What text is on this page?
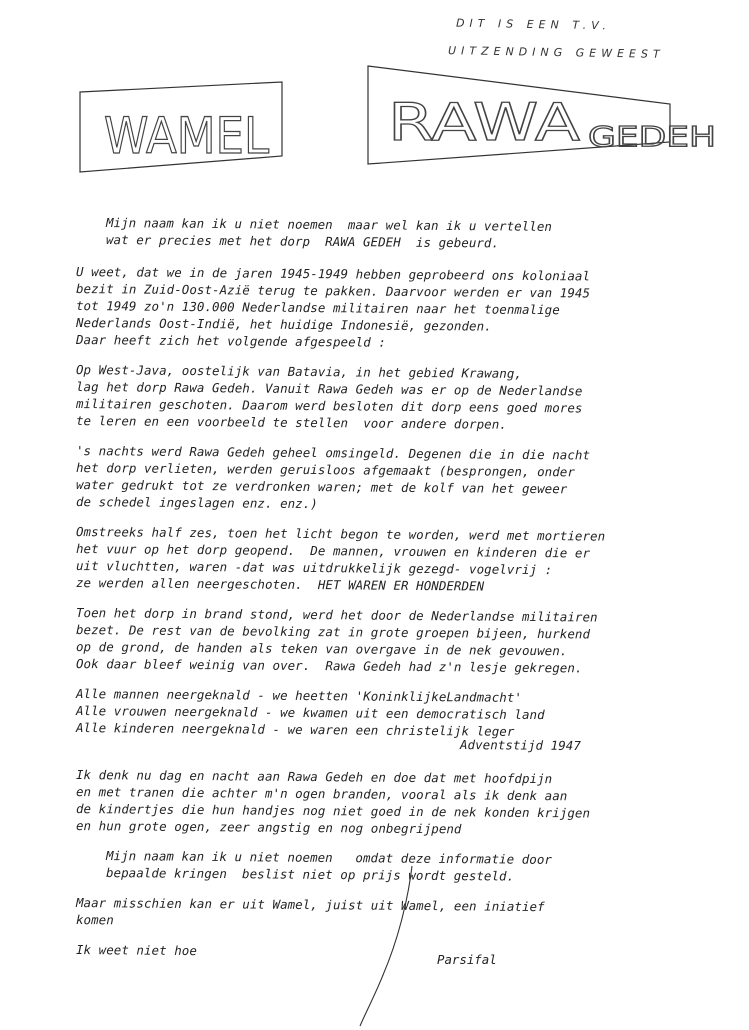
DIT IS EEN T.V.
UITZENDING GEWEEST
WAMEL RAWA GEDEH
Mijn naam kan ik u niet noemen  maar wel kan ik u vertellen
wat er precies met het dorp  RAWA GEDEH  is gebeurd.
U weet, dat we in de jaren 1945-1949 hebben geprobeerd ons koloniaal
bezit in Zuid-Oost-Azië terug te pakken. Daarvoor werden er van 1945
tot 1949 zo'n 130.000 Nederlandse militairen naar het toenmalige
Nederlands Oost-Indië, het huidige Indonesië, gezonden.
Daar heeft zich het volgende afgespeeld :
Op West-Java, oostelijk van Batavia, in het gebied Krawang,
lag het dorp Rawa Gedeh. Vanuit Rawa Gedeh was er op de Nederlandse
militairen geschoten. Daarom werd besloten dit dorp eens goed mores
te leren en een voorbeeld te stellen  voor andere dorpen.
's nachts werd Rawa Gedeh geheel omsingeld. Degenen die in die nacht
het dorp verlieten, werden geruisloos afgemaakt (besprongen, onder
water gedrukt tot ze verdronken waren; met de kolf van het geweer
de schedel ingeslagen enz. enz.)
Omstreeks half zes, toen het licht begon te worden, werd met mortieren
het vuur op het dorp geopend.  De mannen, vrouwen en kinderen die er
uit vluchtten, waren -dat was uitdrukkelijk gezegd- vogelvrij :
ze werden allen neergeschoten.  HET WAREN ER HONDERDEN
Toen het dorp in brand stond, werd het door de Nederlandse militairen
bezet. De rest van de bevolking zat in grote groepen bijeen, hurkend
op de grond, de handen als teken van overgave in de nek gevouwen.
Ook daar bleef weinig van over.  Rawa Gedeh had z'n lesje gekregen.
Alle mannen neergeknald - we heetten 'KoninklijkeLandmacht'
Alle vrouwen neergeknald - we kwamen uit een democratisch land
Alle kinderen neergeknald - we waren een christelijk leger
Adventstijd 1947
Ik denk nu dag en nacht aan Rawa Gedeh en doe dat met hoofdpijn
en met tranen die achter m'n ogen branden, vooral als ik denk aan
de kindertjes die hun handjes nog niet goed in de nek konden krijgen
en hun grote ogen, zeer angstig en nog onbegrijpend
Mijn naam kan ik u niet noemen   omdat deze informatie door
bepaalde kringen  beslist niet op prijs wordt gesteld.
Maar misschien kan er uit Wamel, juist uit Wamel, een iniatief
komen
Ik weet niet hoe
Parsifal
